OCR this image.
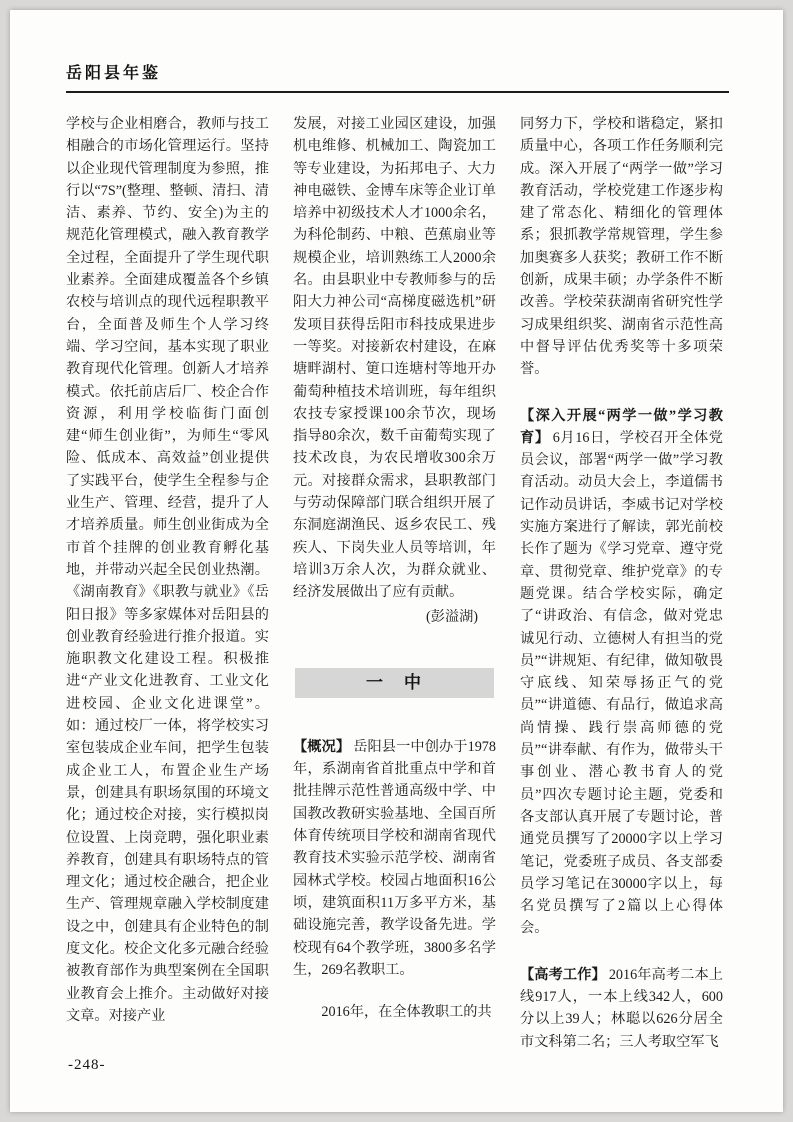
岳阳县年鉴

学校与企业相磨合，教师与技工相融合的市场化管理运行。坚持以企业现代管理制度为参照，推行以“7S”(整理、整顿、清扫、清洁、素养、节约、安全)为主的规范化管理模式，融入教育教学全过程，全面提升了学生现代职业素养。全面建成覆盖各个乡镇农校与培训点的现代远程职教平台，全面普及师生个人学习终端、学习空间，基本实现了职业教育现代化管理。创新人才培养模式。依托前店后厂、校企合作资源，利用学校临街门面创建“师生创业街”，为师生“零风险、低成本、高效益”创业提供了实践平台，使学生全程参与企业生产、管理、经营，提升了人才培养质量。师生创业街成为全市首个挂牌的创业教育孵化基地，并带动兴起全民创业热潮。《湖南教育》《职教与就业》《岳阳日报》等多家媒体对岳阳县的创业教育经验进行推介报道。实施职教文化建设工程。积极推进“产业文化进教育、工业文化进校园、企业文化进课堂”。如：通过校厂一体，将学校实习室包装成企业车间，把学生包装成企业工人，布置企业生产场景，创建具有职场氛围的环境文化；通过校企对接，实行模拟岗位设置、上岗竞聘，强化职业素养教育，创建具有职场特点的管理文化；通过校企融合，把企业生产、管理规章融入学校制度建设之中，创建具有企业特色的制度文化。校企文化多元融合经验被教育部作为典型案例在全国职业教育会上推介。主动做好对接文章。对接产业

发展，对接工业园区建设，加强机电维修、机械加工、陶瓷加工等专业建设，为拓邦电子、大力神电磁铁、金博车床等企业订单培养中初级技术人才1000余名，为科伦制药、中粮、芭蕉扇业等规模企业，培训熟练工人2000余名。由县职业中专教师参与的岳阳大力神公司“高梯度磁选机”研发项目获得岳阳市科技成果进步一等奖。对接新农村建设，在麻塘畔湖村、筻口连塘村等地开办葡萄种植技术培训班，每年组织农技专家授课100余节次，现场指导80余次，数千亩葡萄实现了技术改良，为农民增收300余万元。对接群众需求，县职教部门与劳动保障部门联合组织开展了东洞庭湖渔民、返乡农民工、残疾人、下岗失业人员等培训，年培训3万余人次，为群众就业、经济发展做出了应有贡献。

(彭溢湖)

一　中

【概况】 岳阳县一中创办于1978年，系湖南省首批重点中学和首批挂牌示范性普通高级中学、中国教改教研实验基地、全国百所体育传统项目学校和湖南省现代教育技术实验示范学校、湖南省园林式学校。校园占地面积16公顷，建筑面积11万多平方米，基础设施完善，教学设备先进。学校现有64个教学班，3800多名学生，269名教职工。

2016年，在全体教职工的共

同努力下，学校和谐稳定，紧扣质量中心，各项工作任务顺利完成。深入开展了“两学一做”学习教育活动，学校党建工作逐步构建了常态化、精细化的管理体系；狠抓教学常规管理，学生参加奥赛多人获奖；教研工作不断创新，成果丰硕；办学条件不断改善。学校荣获湖南省研究性学习成果组织奖、湖南省示范性高中督导评估优秀奖等十多项荣誉。

【深入开展“两学一做”学习教育】 6月16日，学校召开全体党员会议，部署“两学一做”学习教育活动。动员大会上，李道儒书记作动员讲话，李威书记对学校实施方案进行了解读，郭光前校长作了题为《学习党章、遵守党章、贯彻党章、维护党章》的专题党课。结合学校实际，确定了“讲政治、有信念，做对党忠诚见行动、立德树人有担当的党员”“讲规矩、有纪律，做知敬畏守底线、知荣辱扬正气的党员”“讲道德、有品行，做追求高尚情操、践行崇高师德的党员”“讲奉献、有作为，做带头干事创业、潜心教书育人的党员”四次专题讨论主题，党委和各支部认真开展了专题讨论，普通党员撰写了20000字以上学习笔记，党委班子成员、各支部委员学习笔记在30000字以上，每名党员撰写了2篇以上心得体会。

【高考工作】 2016年高考二本上线917人，一本上线342人，600分以上39人；林聪以626分居全市文科第二名；三人考取空军飞

-248-
